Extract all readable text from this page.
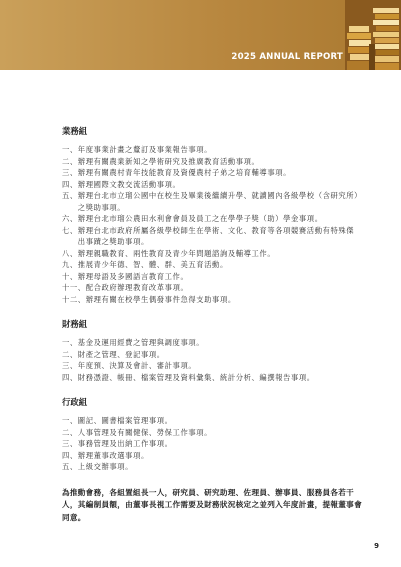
2025 ANNUAL REPORT
業務組
一、 年度事業計畫之釐訂及事業報告事項。
二、 辦理有關農業新知之學術研究及推廣教育活動事項。
三、 辦理有關農村青年技能教育及資優農村子弟之培育輔導事項。
四、 辦理國際文教交流活動事項。
五、 辦理台北市立瑠公國中在校生及畢業後繼續升學、就讀國內各級學校（含研究所）之獎助事項。
六、 辦理台北市瑠公農田水利會會員及員工之在學學子獎（助）學金事項。
七、 辦理台北市政府所屬各級學校師生在學術、文化、教育等各項競賽活動有特殊傑出事蹟之獎助事項。
八、 辦理親職教育、兩性教育及青少年問題諮詢及輔導工作。
九、 推展青少年德、智、體、群、美五育活動。
十、 辦理母語及多國語言教育工作。
十一、 配合政府辦理教育改革事項。
十二、 辦理有關在校學生偶發事件急得支助事項。
財務組
一、 基金及運用經費之管理與調度事項。
二、 財產之管理、登記事項。
三、 年度預、決算及會計、審計事項。
四、 財務憑證、帳冊、檔案管理及資料彙集、統計分析、編撰報告事項。
行政組
一、 圖記、圖書檔案管理事項。
二、 人事管理及有關健保、勞保工作事項。
三、 事務管理及出納工作事項。
四、 辦理董事改選事項。
五、 上級交辦事項。
為推動會務，各組置組長一人，研究員、研究助理、佐理員、辦事員、服務員各若干人，其編制員額，由董事長視工作需要及財務狀況核定之並列入年度計畫，提報董事會同意。
9
